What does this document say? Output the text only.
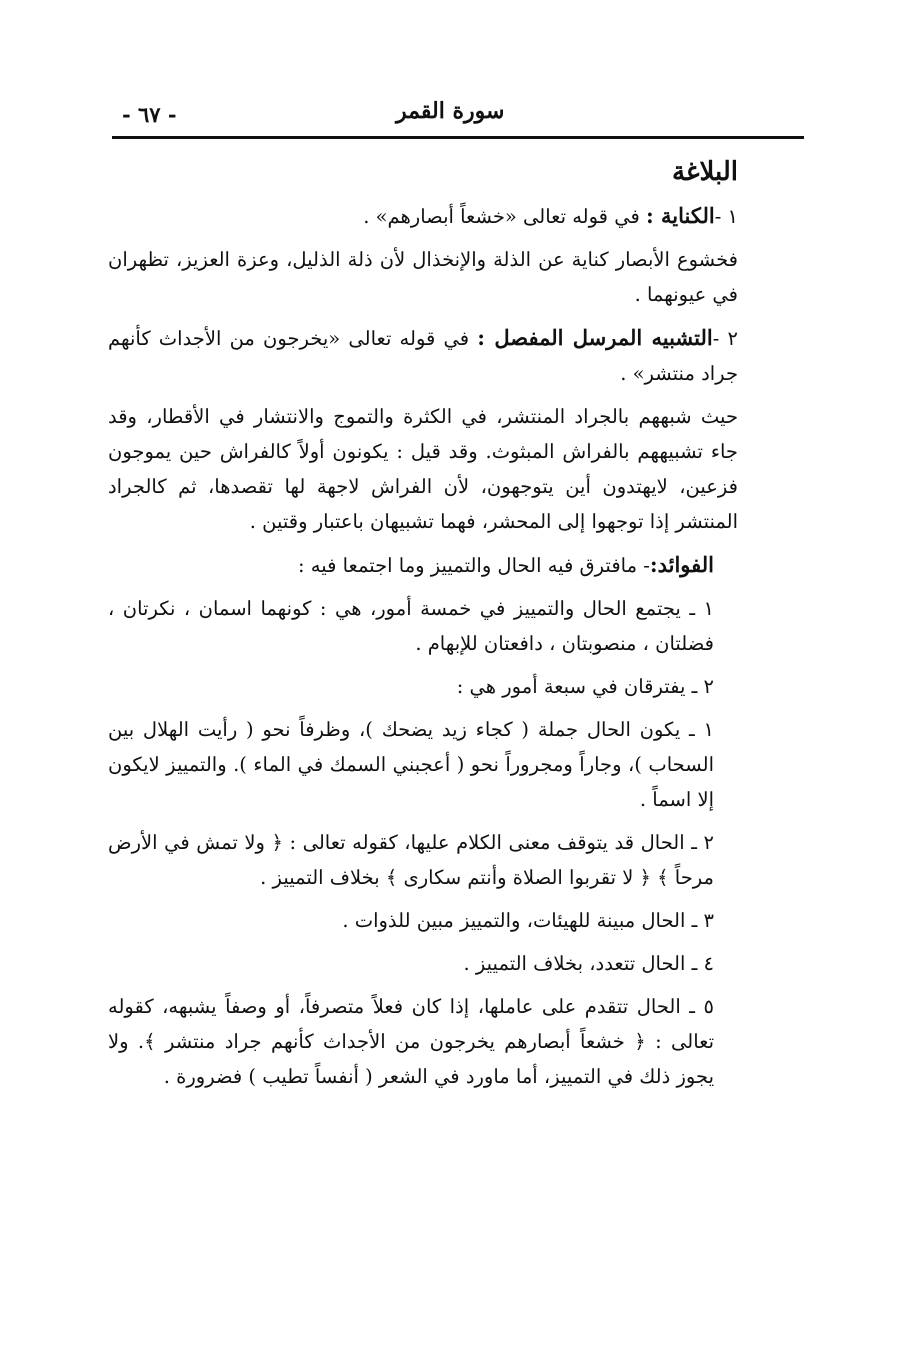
- ٦٧ -	سورة القمر

البلاغة

١ -الكناية : في قوله تعالى «خشعاً أبصارهم» .

فخشوع الأبصار كناية عن الذلة والإنخذال لأن ذلة الذليل، وعزة العزيز، تظهران في عيونهما .

٢ -التشبيه المرسل المفصل : في قوله تعالى «يخرجون من الأجداث كأنهم جراد منتشر» .

حيث شبههم بالجراد المنتشر، في الكثرة والتموج والانتشار في الأقطار، وقد جاء تشبيههم بالفراش المبثوث. وقد قيل : يكونون أولاً كالفراش حين يموجون فزعين، لايهتدون أين يتوجهون، لأن الفراش لاجهة لها تقصدها، ثم كالجراد المنتشر إذا توجهوا إلى المحشر، فهما تشبيهان باعتبار وقتين .

الفوائد:- مافترق فيه الحال والتمييز وما اجتمعا فيه :

١ ـ يجتمع الحال والتمييز في خمسة أمور، هي : كونهما اسمان ، نكرتان ، فضلتان ، منصوبتان ، دافعتان للإبهام .

٢ ـ يفترقان في سبعة أمور هي :

١ ـ يكون الحال جملة ( كجاء زيد يضحك )، وظرفاً نحو ( رأيت الهلال بين السحاب )، وجاراً ومجروراً نحو ( أعجبني السمك في الماء ). والتمييز لايكون إلا اسماً .

٢ ـ الحال قد يتوقف معنى الكلام عليها، كقوله تعالى : ﴿ ولا تمش في الأرض مرحاً ﴾ ﴿ لا تقربوا الصلاة وأنتم سكارى ﴾ بخلاف التمييز .

٣ ـ الحال مبينة للهيئات، والتمييز مبين للذوات .

٤ ـ الحال تتعدد، بخلاف التمييز .

٥ ـ الحال تتقدم على عاملها، إذا كان فعلاً متصرفاً، أو وصفاً يشبهه، كقوله تعالى : ﴿ خشعاً أبصارهم يخرجون من الأجداث كأنهم جراد منتشر ﴾. ولا يجوز ذلك في التمييز، أما ماورد في الشعر ( أنفساً تطيب ) فضرورة .
